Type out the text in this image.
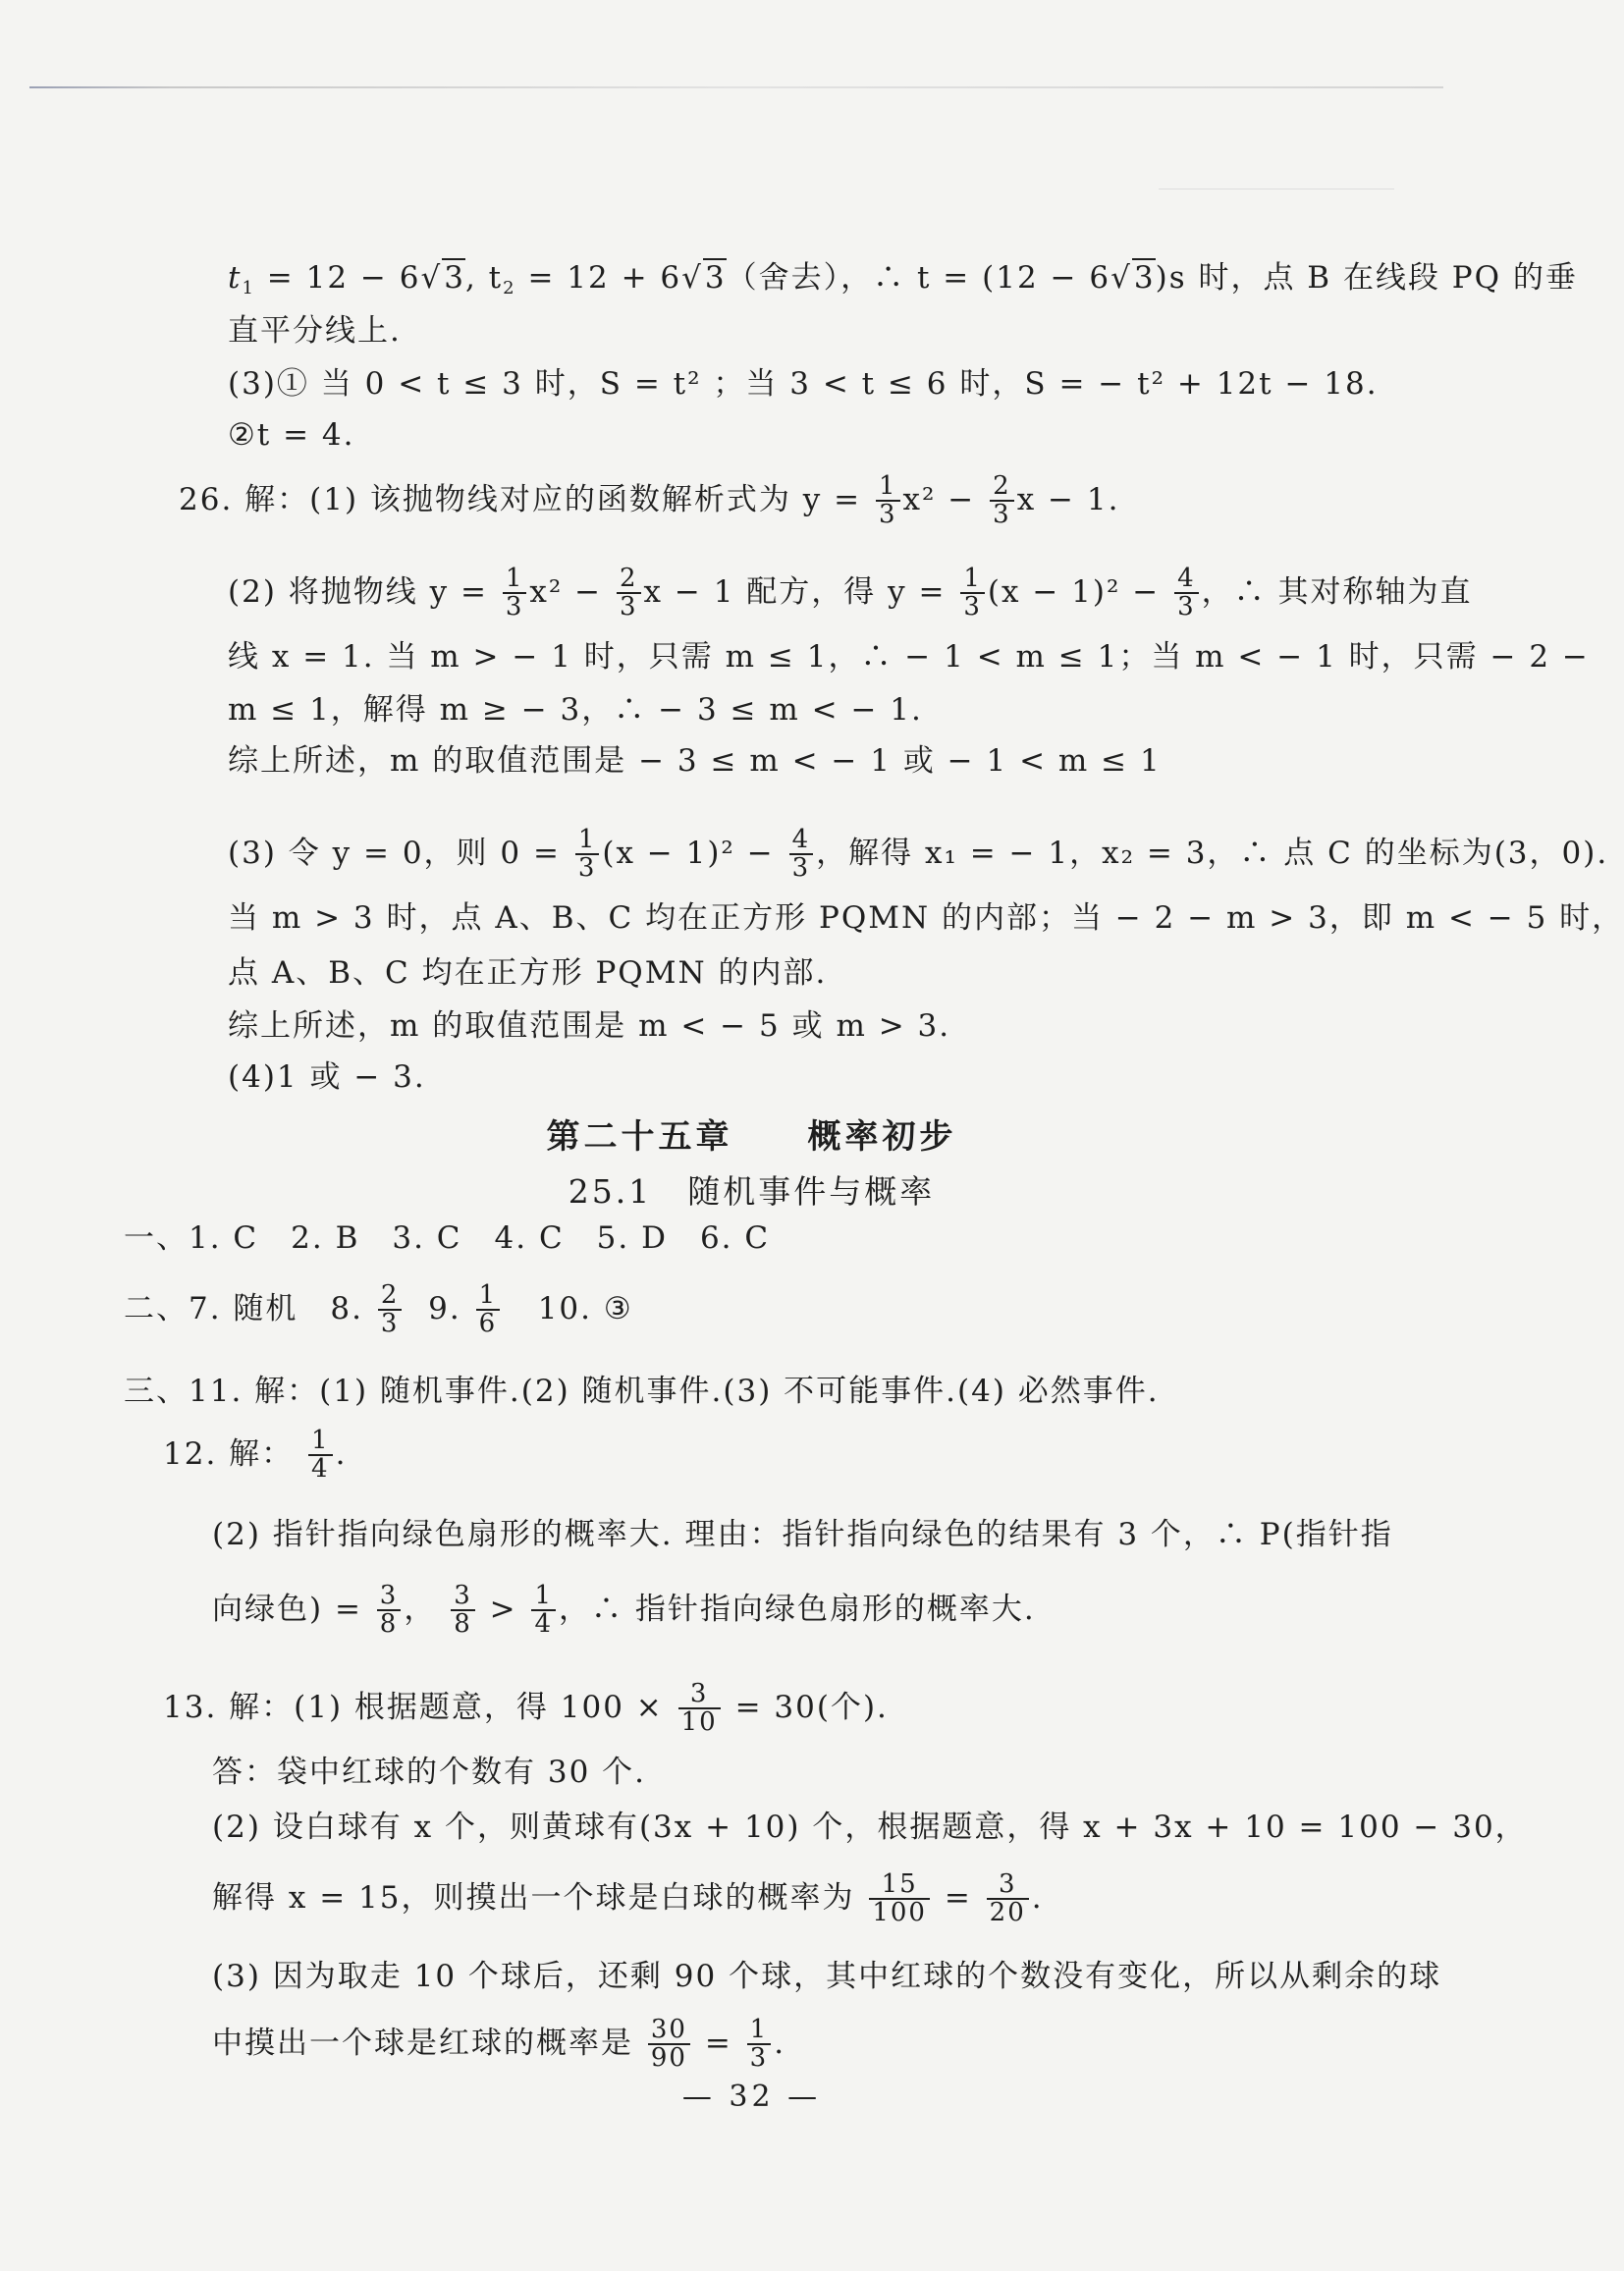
$t_1 = 12 - 6√3$, $t_2 = 12 + 6√3$（舍去），∴ t = (12 − 6√3)s 时，点 B 在线段 PQ 的垂
直平分线上.
(3)① 当 0 < t ≤ 3 时，S = t² ；当 3 < t ≤ 6 时，S = − t² + 12t − 18.
②t = 4.
26. 解：(1) 该抛物线对应的函数解析式为 $y = \frac{1}{3} x^2 - \frac{2}{3}$ x − 1.
(2) 将抛物线 $y = \frac{1}{3} x^2 - \frac{2}{3}$ x − 1 配方，得 $y = \frac{1}{3} (x - 1)^2 - \frac{4}{3}$ ，∴ 其对称轴为直
线 x = 1. 当 m > − 1 时，只需 m ≤ 1，∴ − 1 < m ≤ 1；当 m < − 1 时，只需 − 2 −
m ≤ 1，解得 m ≥ − 3，∴ − 3 ≤ m < − 1.
综上所述，m 的取值范围是 − 3 ≤ m < − 1 或 − 1 < m ≤ 1
(3) 令 y = 0，则 $0 = \frac{1}{3} (x - 1)^2 - \frac{4}{3}$ ，解得 x₁ = − 1，x₂ = 3，∴ 点 C 的坐标为(3，0).
当 m > 3 时，点 A、B、C 均在正方形 PQMN 的内部；当 − 2 − m > 3，即 m < − 5 时，
点 A、B、C 均在正方形 PQMN 的内部.
综上所述，m 的取值范围是 m < − 5 或 m > 3.
(4)1 或 − 3.
第二十五章　　概率初步
25.1　随机事件与概率
一、1. C　2. B　3. C　4. C　5. D　6. C
二、7. 随机　8. $\frac{2}{3} 9$. $\frac{1}{6} 10$. ③
三、11. 解：(1) 随机事件.(2) 随机事件.(3) 不可能事件.(4) 必然事件.
12. 解： $\frac{1}{4}$ .
(2) 指针指向绿色扇形的概率大. 理由：指针指向绿色的结果有 3 个，∴ P(指针指
向绿色) = $\frac{3}{8}$ ， $\frac{3}{8} > \frac{1}{4}$ ，∴ 指针指向绿色扇形的概率大.
13. 解：(1) 根据题意，得 $100 \times \frac{3}{10} = 30$(个).
答：袋中红球的个数有 30 个.
(2) 设白球有 x 个，则黄球有(3x + 10) 个，根据题意，得 x + 3x + 10 = 100 − 30，
解得 x = 15，则摸出一个球是白球的概率为 $\frac{15}{100} = \frac{3}{20}$ .
(3) 因为取走 10 个球后，还剩 90 个球，其中红球的个数没有变化，所以从剩余的球
中摸出一个球是红球的概率是 $\frac{30}{90} = \frac{1}{3}$ .
— 32 —
